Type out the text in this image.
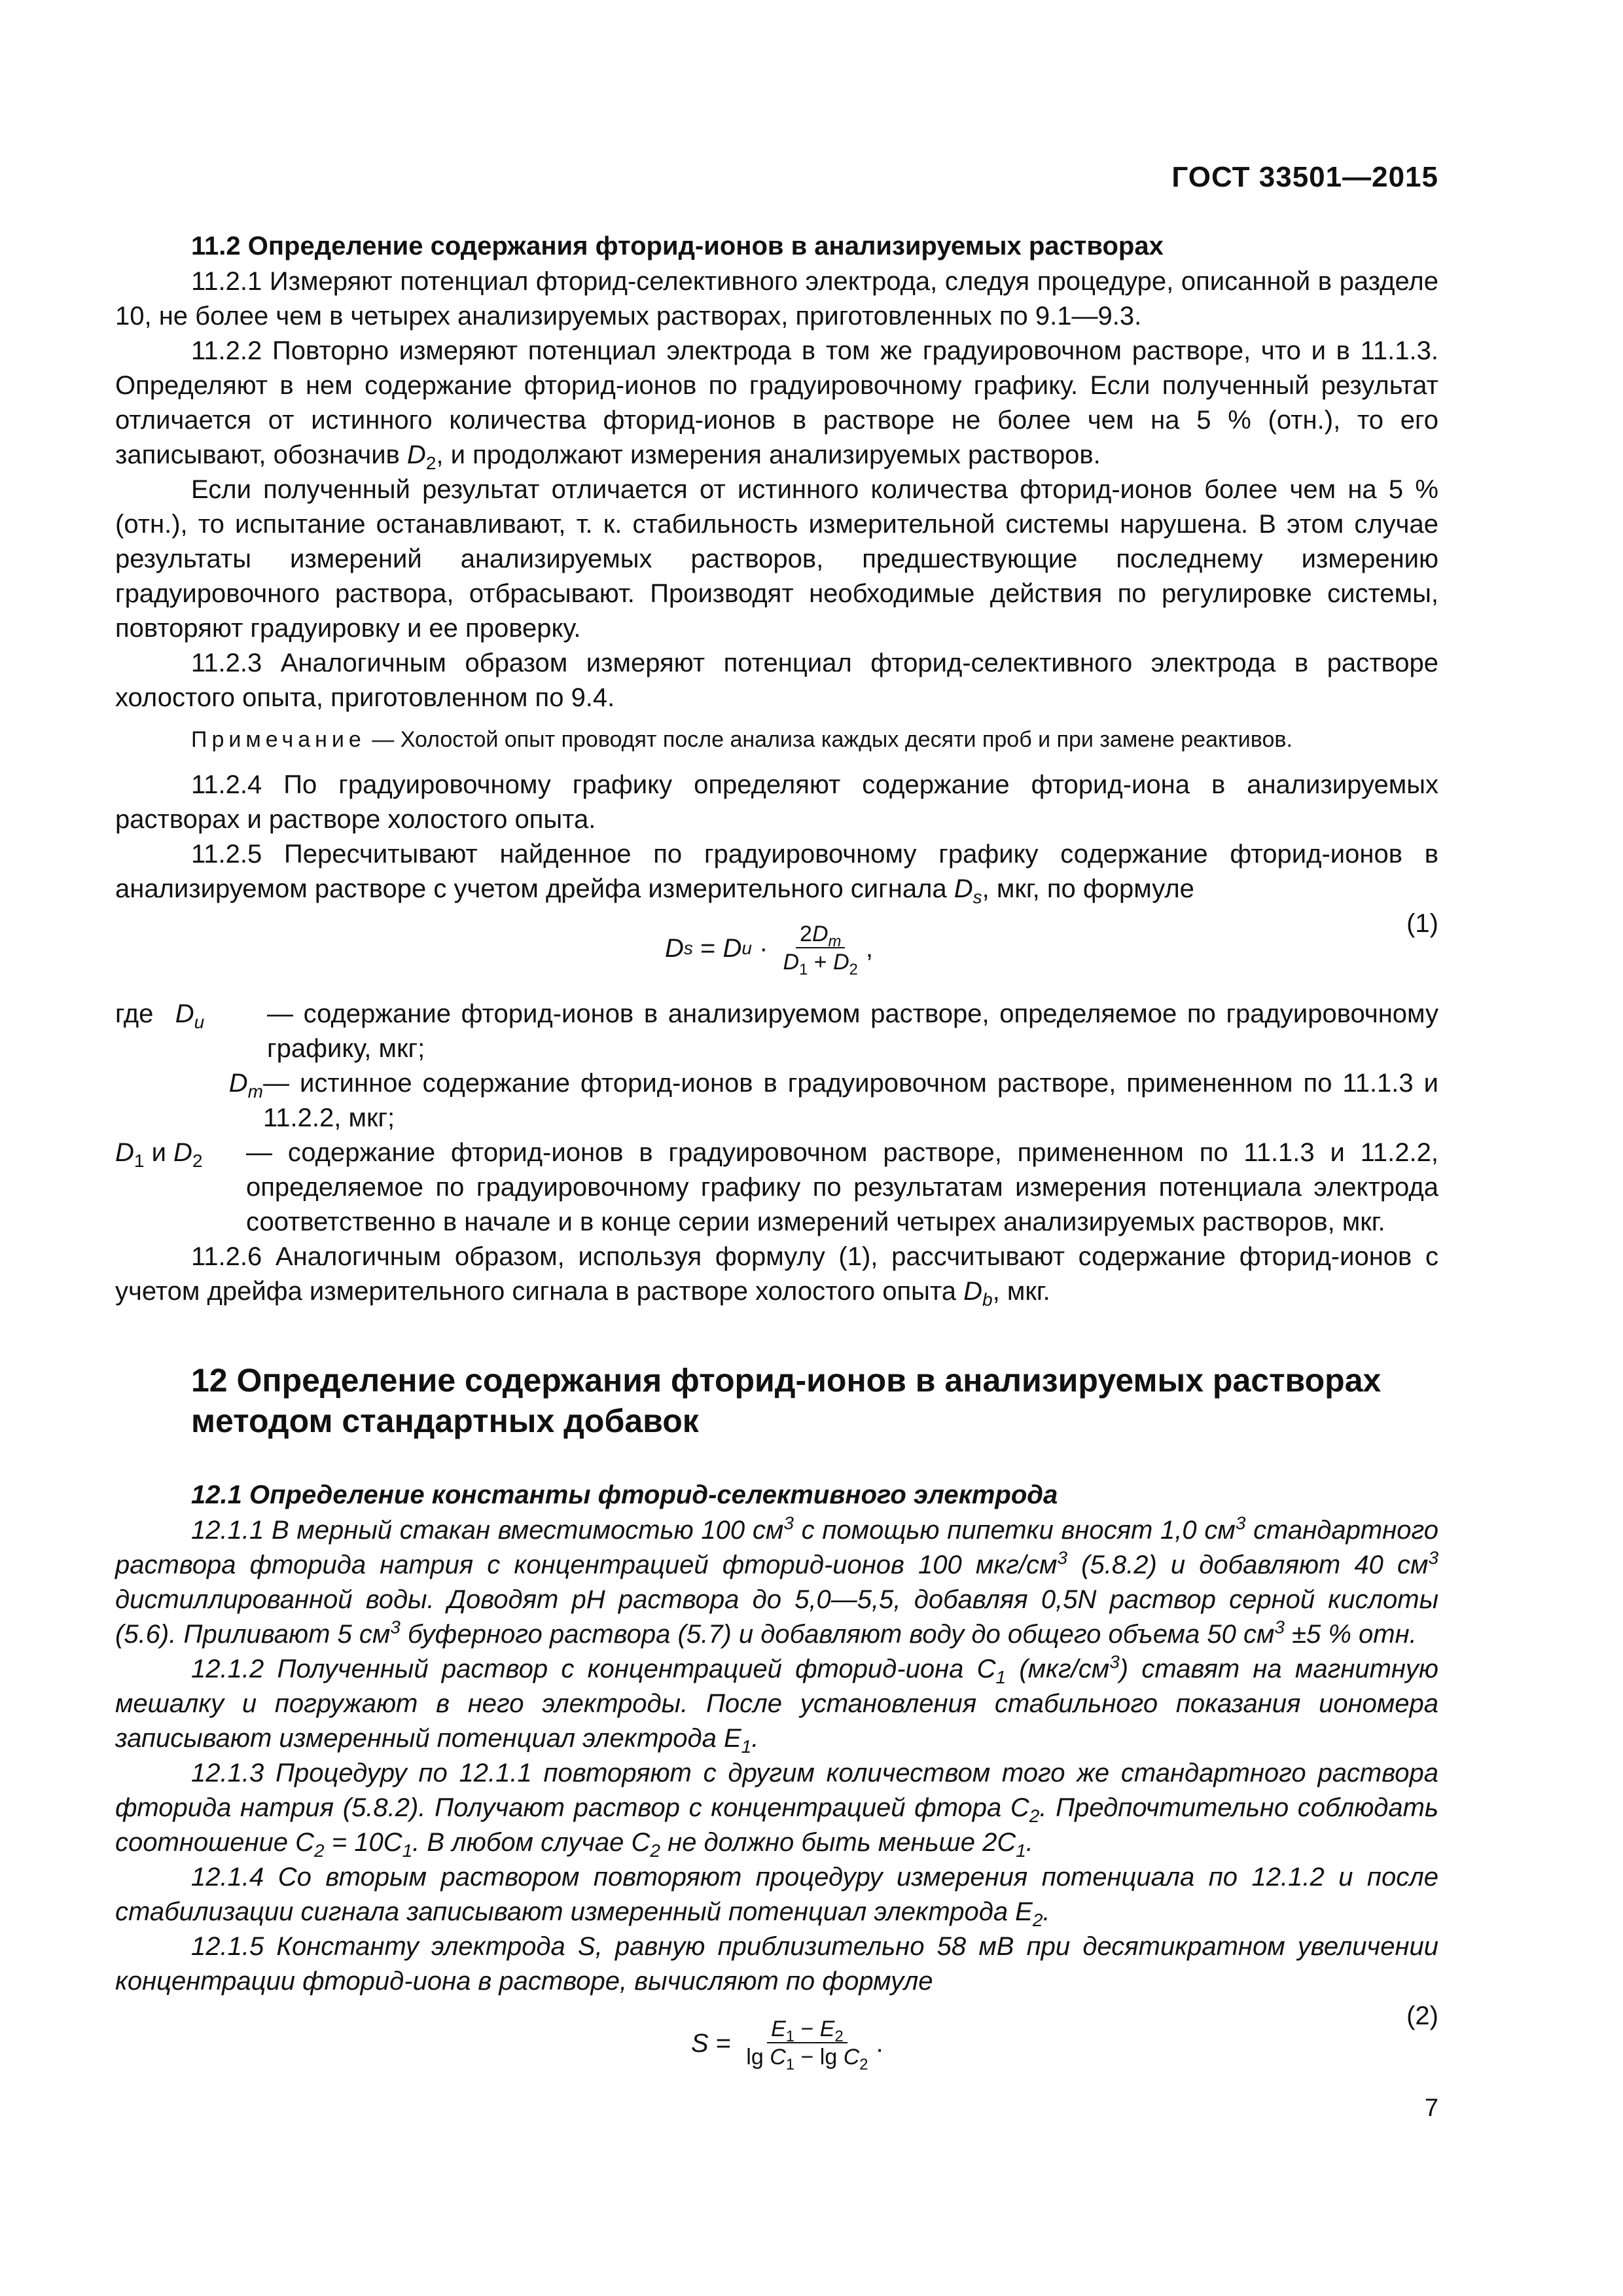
ГОСТ 33501—2015

11.2 Определение содержания фторид-ионов в анализируемых растворах

11.2.1 Измеряют потенциал фторид-селективного электрода, следуя процедуре, описанной в разделе 10, не более чем в четырех анализируемых растворах, приготовленных по 9.1—9.3.

11.2.2 Повторно измеряют потенциал электрода в том же градуировочном растворе, что и в 11.1.3. Определяют в нем содержание фторид-ионов по градуировочному графику. Если полученный результат отличается от истинного количества фторид-ионов в растворе не более чем на 5 % (отн.), то его записывают, обозначив $D_2$, и продолжают измерения анализируемых растворов.

Если полученный результат отличается от истинного количества фторид-ионов более чем на 5 % (отн.), то испытание останавливают, т. к. стабильность измерительной системы нарушена. В этом случае результаты измерений анализируемых растворов, предшествующие последнему измерению градуировочного раствора, отбрасывают. Производят необходимые действия по регулировке системы, повторяют градуировку и ее проверку.

11.2.3 Аналогичным образом измеряют потенциал фторид-селективного электрода в растворе холостого опыта, приготовленном по 9.4.

Примечание — Холостой опыт проводят после анализа каждых десяти проб и при замене реактивов.

11.2.4 По градуировочному графику определяют содержание фторид-иона в анализируемых растворах и растворе холостого опыта.

11.2.5 Пересчитывают найденное по градуировочному графику содержание фторид-ионов в анализируемом растворе с учетом дрейфа измерительного сигнала $D_s$, мкг, по формуле

D s = D $u \cdot \frac{2D_m}{D_1 + D_2}$ ,
(1)
где $D_u$	— содержание фторид-ионов в анализируемом растворе, определяемое по градуировочному графику, мкг;
$D_m$ — истинное содержание фторид-ионов в градуировочном растворе, примененном по 11.1.3 и 11.2.2, мкг;
$D_1$ и $D_2$	— содержание фторид-ионов в градуировочном растворе, примененном по 11.1.3 и 11.2.2, определяемое по градуировочному графику по результатам измерения потенциала электрода соответственно в начале и в конце серии измерений четырех анализируемых растворов, мкг.

11.2.6 Аналогичным образом, используя формулу (1), рассчитывают содержание фторид-ионов с учетом дрейфа измерительного сигнала в растворе холостого опыта $D_b$, мкг.

12 Определение содержания фторид-ионов в анализируемых растворах
методом стандартных добавок

12.1 Определение константы фторид-селективного электрода

12.1.1 В мерный стакан вместимостью 100 $см^3$ с помощью пипетки вносят 1,0 $см^3$ стандартного раствора фторида натрия с концентрацией фторид-ионов 100 мкг/$см^3$ (5.8.2) и добавляют 40 $см^3$ дистиллированной воды. Доводят pH раствора до 5,0—5,5, добавляя 0,5N раствор серной кислоты (5.6). Приливают 5 $см^3$ буферного раствора (5.7) и добавляют воду до общего объема 50 $см^3 \pm 5$ % отн.

12.1.2 Полученный раствор с концентрацией фторид-иона $C_1$ $(мкг/см^3)$ ставят на магнитную мешалку и погружают в него электроды. После установления стабильного показания иономера записывают измеренный потенциал электрода $E_1$.

12.1.3 Процедуру по 12.1.1 повторяют с другим количеством того же стандартного раствора фторида натрия (5.8.2). Получают раствор с концентрацией фтора $C_2$. Предпочтительно соблюдать соотношение $C_2 = 10C_1$. В любом случае $C_2$ не должно быть меньше $2C_1$.

12.1.4 Со вторым раствором повторяют процедуру измерения потенциала по 12.1.2 и после стабилизации сигнала записывают измеренный потенциал электрода $E_2$.

12.1.5 Константу электрода S, равную приблизительно 58 мВ при десятикратном увеличении концентрации фторид-иона в растворе, вычисляют по формуле

$S = \frac{E_1 - E_2}{\lg C_1 - \lg C_2}$ .
(2)
7
